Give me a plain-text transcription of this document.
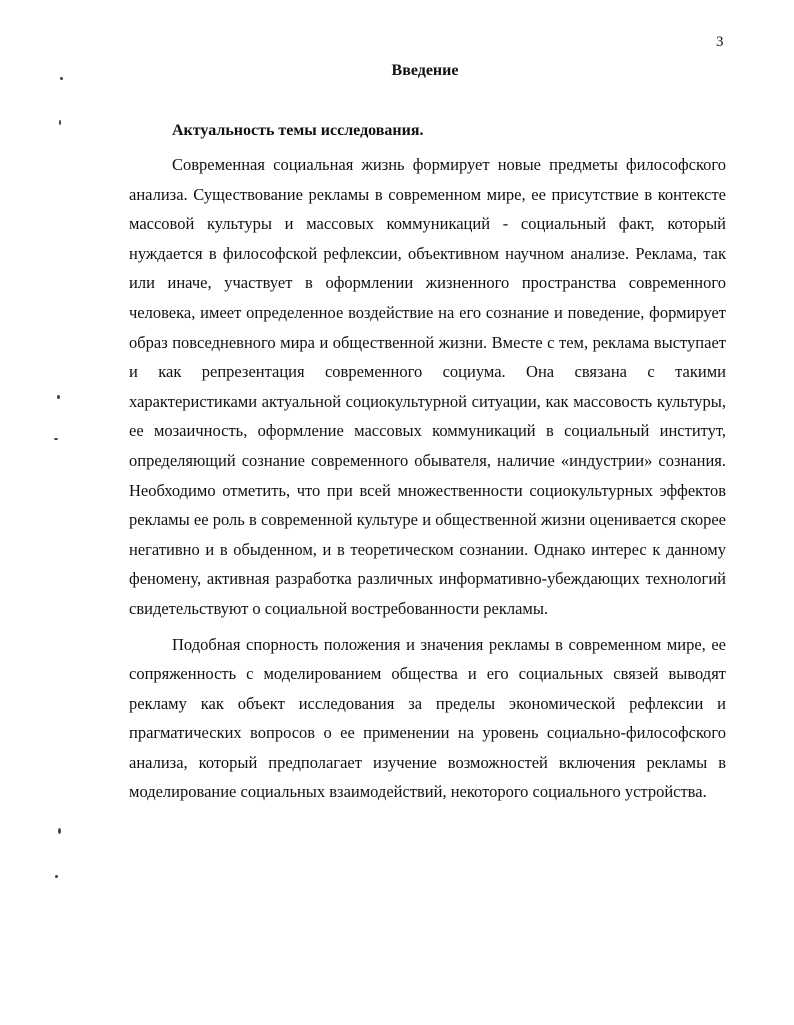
3
Введение
Актуальность темы исследования.

Современная социальная жизнь формирует новые предметы философского анализа. Существование рекламы в современном мире, ее присутствие в контексте массовой культуры и массовых коммуникаций - социальный факт, который нуждается в философской рефлексии, объективном научном анализе. Реклама, так или иначе, участвует в оформлении жизненного пространства современного человека, имеет определенное воздействие на его сознание и поведение, формирует образ повседневного мира и общественной жизни. Вместе с тем, реклама выступает и как репрезентация современного социума. Она связана с такими характеристиками актуальной социокультурной ситуации, как массовость культуры, ее мозаичность, оформление массовых коммуникаций в социальный институт, определяющий сознание современного обывателя, наличие «индустрии» сознания. Необходимо отметить, что при всей множественности социокультурных эффектов рекламы ее роль в современной культуре и общественной жизни оценивается скорее негативно и в обыденном, и в теоретическом сознании. Однако интерес к данному феномену, активная разработка различных информативно-убеждающих технологий свидетельствуют о социальной востребованности рекламы.

Подобная спорность положения и значения рекламы в современном мире, ее сопряженность с моделированием общества и его социальных связей выводят рекламу как объект исследования за пределы экономической рефлексии и прагматических вопросов о ее применении на уровень социально-философского анализа, который предполагает изучение возможностей включения рекламы в моделирование социальных взаимодействий, некоторого социального устройства.
